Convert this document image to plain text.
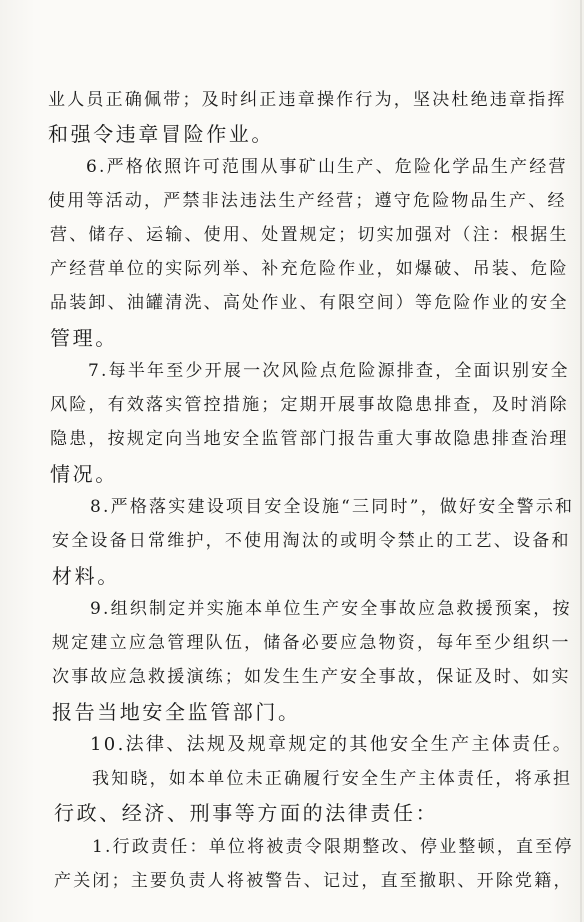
业人员正确佩带；及时纠正违章操作行为，坚决杜绝违章指挥
和强令违章冒险作业。
6.严格依照许可范围从事矿山生产、危险化学品生产经营
使用等活动，严禁非法违法生产经营；遵守危险物品生产、经
营、储存、运输、使用、处置规定；切实加强对（注：根据生
产经营单位的实际列举、补充危险作业，如爆破、吊装、危险
品装卸、油罐清洗、高处作业、有限空间）等危险作业的安全
管理。
7.每半年至少开展一次风险点危险源排查，全面识别安全
风险，有效落实管控措施；定期开展事故隐患排查，及时消除
隐患，按规定向当地安全监管部门报告重大事故隐患排查治理
情况。
8.严格落实建设项目安全设施“三同时”，做好安全警示和
安全设备日常维护，不使用淘汰的或明令禁止的工艺、设备和
材料。
9.组织制定并实施本单位生产安全事故应急救援预案，按
规定建立应急管理队伍，储备必要应急物资，每年至少组织一
次事故应急救援演练；如发生生产安全事故，保证及时、如实
报告当地安全监管部门。
10.法律、法规及规章规定的其他安全生产主体责任。
我知晓，如本单位未正确履行安全生产主体责任，将承担
行政、经济、刑事等方面的法律责任：
1.行政责任：单位将被责令限期整改、停业整顿，直至停
产关闭；主要负责人将被警告、记过，直至撤职、开除党籍，
